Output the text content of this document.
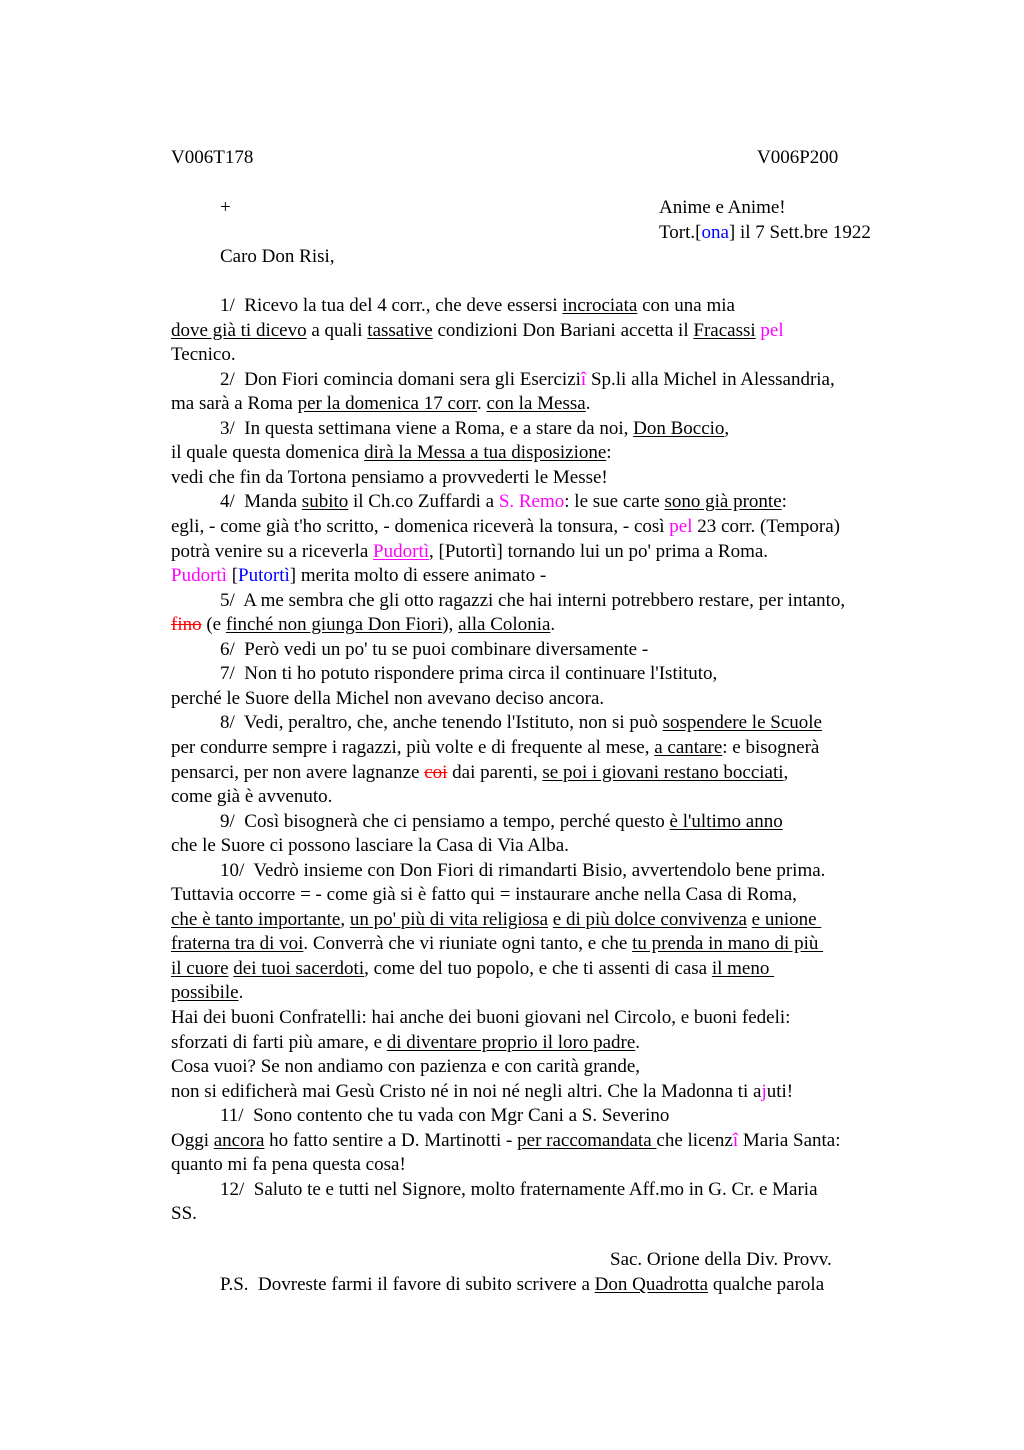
V006T178	V006P200
+	Anime e Anime!
Tort.[ona] il 7 Sett.bre 1922
Caro Don Risi,
1/  Ricevo la tua del 4 corr., che deve essersi incrociata con una mia
dove già ti dicevo a quali tassative condizioni Don Bariani accetta il Fracassi pel
Tecnico.
2/  Don Fiori comincia domani sera gli Eserciziî Sp.li alla Michel in Alessandria,
ma sarà a Roma per la domenica 17 corr. con la Messa.
3/  In questa settimana viene a Roma, e a stare da noi, Don Boccio,
il quale questa domenica dirà la Messa a tua disposizione:
vedi che fin da Tortona pensiamo a provvederti le Messe!
4/  Manda subito il Ch.co Zuffardi a S. Remo: le sue carte sono già pronte:
egli, - come già t'ho scritto, - domenica riceverà la tonsura, - così pel 23 corr. (Tempora)
potrà venire su a riceverla Pudortì, [Putortì] tornando lui un po' prima a Roma.
Pudortì [Putortì] merita molto di essere animato -
5/  A me sembra che gli otto ragazzi che hai interni potrebbero restare, per intanto,
fino (e finché non giunga Don Fiori), alla Colonia.
6/  Però vedi un po' tu se puoi combinare diversamente -
7/  Non ti ho potuto rispondere prima circa il continuare l'Istituto,
perché le Suore della Michel non avevano deciso ancora.
8/  Vedi, peraltro, che, anche tenendo l'Istituto, non si può sospendere le Scuole
per condurre sempre i ragazzi, più volte e di frequente al mese, a cantare: e bisognerà
pensarci, per non avere lagnanze coi dai parenti, se poi i giovani restano bocciati,
come già è avvenuto.
9/  Così bisognerà che ci pensiamo a tempo, perché questo è l'ultimo anno
che le Suore ci possono lasciare la Casa di Via Alba.
10/  Vedrò insieme con Don Fiori di rimandarti Bisio, avvertendolo bene prima.
Tuttavia occorre = - come già si è fatto qui = instaurare anche nella Casa di Roma,
che è tanto importante, un po' più di vita religiosa e di più dolce convivenza e unione
fraterna tra di voi. Converrà che vi riuniate ogni tanto, e che tu prenda in mano di più
il cuore dei tuoi sacerdoti, come del tuo popolo, e che ti assenti di casa il meno
possibile.
Hai dei buoni Confratelli: hai anche dei buoni giovani nel Circolo, e buoni fedeli:
sforzati di farti più amare, e di diventare proprio il loro padre.
Cosa vuoi? Se non andiamo con pazienza e con carità grande,
non si edificherà mai Gesù Cristo né in noi né negli altri. Che la Madonna ti ajuti!
11/  Sono contento che tu vada con Mgr Cani a S. Severino
Oggi ancora ho fatto sentire a D. Martinotti - per raccomandata che licenzî Maria Santa:
quanto mi fa pena questa cosa!
12/  Saluto te e tutti nel Signore, molto fraternamente Aff.mo in G. Cr. e Maria
SS.
Sac. Orione della Div. Provv.
P.S.  Dovreste farmi il favore di subito scrivere a Don Quadrotta qualche parola
